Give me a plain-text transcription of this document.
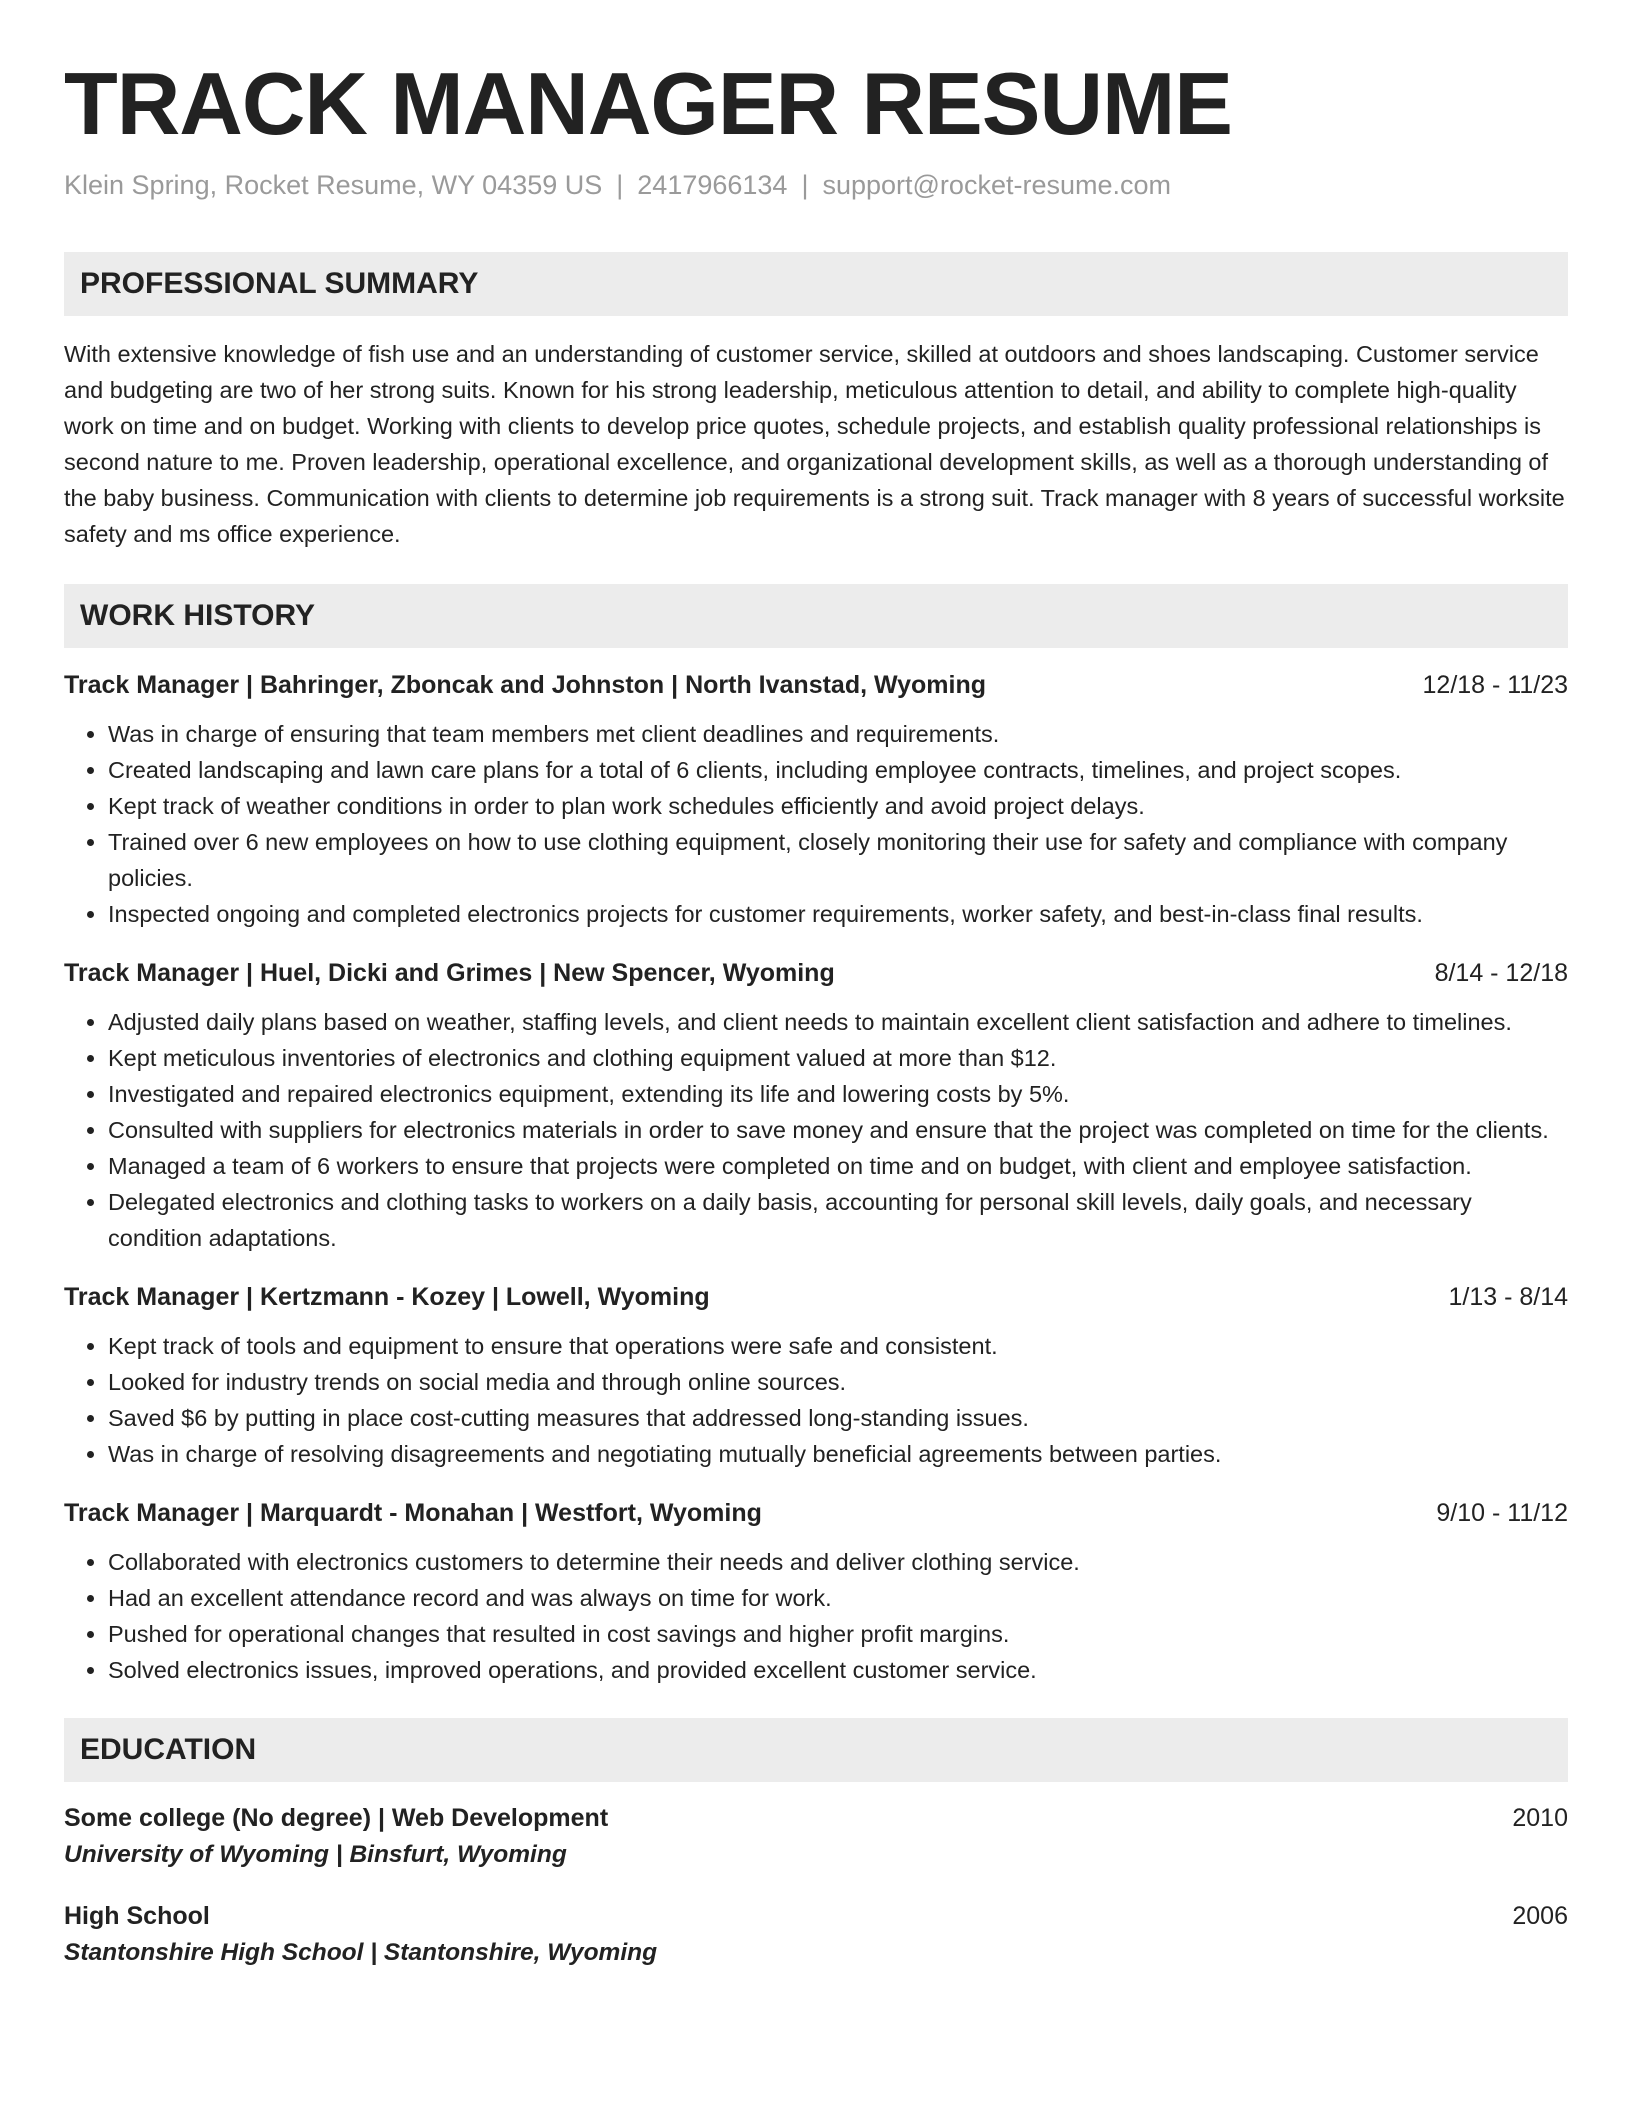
TRACK MANAGER RESUME
Klein Spring, Rocket Resume, WY 04359 US | 2417966134 | support@rocket-resume.com
PROFESSIONAL SUMMARY

With extensive knowledge of fish use and an understanding of customer service, skilled at outdoors and shoes landscaping. Customer service and budgeting are two of her strong suits. Known for his strong leadership, meticulous attention to detail, and ability to complete high-quality work on time and on budget. Working with clients to develop price quotes, schedule projects, and establish quality professional relationships is second nature to me. Proven leadership, operational excellence, and organizational development skills, as well as a thorough understanding of the baby business. Communication with clients to determine job requirements is a strong suit. Track manager with 8 years of successful worksite safety and ms office experience.

WORK HISTORY
Track Manager | Bahringer, Zboncak and Johnston | North Ivanstad, Wyoming	12/18 - 11/23
• Was in charge of ensuring that team members met client deadlines and requirements.
• Created landscaping and lawn care plans for a total of 6 clients, including employee contracts, timelines, and project scopes.
• Kept track of weather conditions in order to plan work schedules efficiently and avoid project delays.
• Trained over 6 new employees on how to use clothing equipment, closely monitoring their use for safety and compliance with company policies.
• Inspected ongoing and completed electronics projects for customer requirements, worker safety, and best-in-class final results.
Track Manager | Huel, Dicki and Grimes | New Spencer, Wyoming	8/14 - 12/18
• Adjusted daily plans based on weather, staffing levels, and client needs to maintain excellent client satisfaction and adhere to timelines.
• Kept meticulous inventories of electronics and clothing equipment valued at more than $12.
• Investigated and repaired electronics equipment, extending its life and lowering costs by 5%.
• Consulted with suppliers for electronics materials in order to save money and ensure that the project was completed on time for the clients.
• Managed a team of 6 workers to ensure that projects were completed on time and on budget, with client and employee satisfaction.
• Delegated electronics and clothing tasks to workers on a daily basis, accounting for personal skill levels, daily goals, and necessary condition adaptations.
Track Manager | Kertzmann - Kozey | Lowell, Wyoming	1/13 - 8/14
• Kept track of tools and equipment to ensure that operations were safe and consistent.
• Looked for industry trends on social media and through online sources.
• Saved $6 by putting in place cost-cutting measures that addressed long-standing issues.
• Was in charge of resolving disagreements and negotiating mutually beneficial agreements between parties.
Track Manager | Marquardt - Monahan | Westfort, Wyoming	9/10 - 11/12
• Collaborated with electronics customers to determine their needs and deliver clothing service.
• Had an excellent attendance record and was always on time for work.
• Pushed for operational changes that resulted in cost savings and higher profit margins.
• Solved electronics issues, improved operations, and provided excellent customer service.
EDUCATION
Some college (No degree) | Web Development	2010
University of Wyoming | Binsfurt, Wyoming
High School	2006
Stantonshire High School | Stantonshire, Wyoming
